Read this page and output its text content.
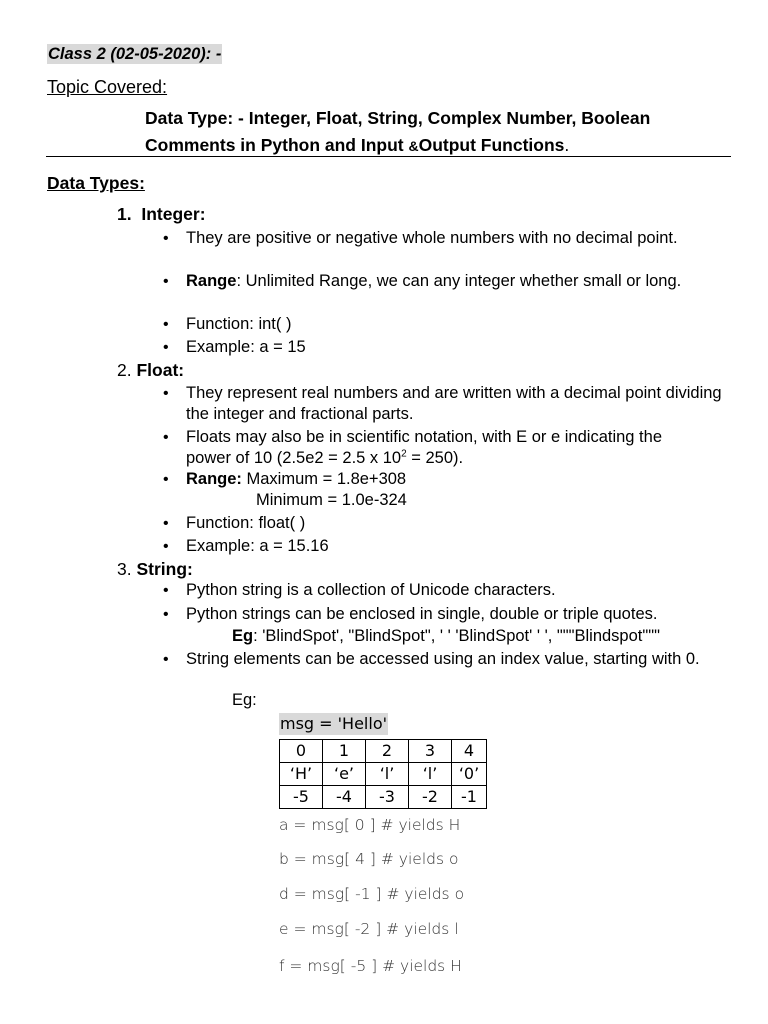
Class 2 (02-05-2020): -
Topic Covered:
Data Type: - Integer, Float, String, Complex Number, Boolean
Comments in Python and Input &Output Functions.
Data Types:
1. Integer:
• They are positive or negative whole numbers with no decimal point.
• Range: Unlimited Range, we can any integer whether small or long.
• Function: int( )
• Example: a = 15
2. Float:
• They represent real numbers and are written with a decimal point dividing the integer and fractional parts.
• Floats may also be in scientific notation, with E or e indicating the
power of 10 (2.5e2 = 2.5 x $10^2 = 250$).
• Range: Maximum = 1.8e+308
Minimum = 1.0e-324
• Function: float( )
• Example: a = 15.16
3. String:
• Python string is a collection of Unicode characters.
• Python strings can be enclosed in single, double or triple quotes.
Eg: 'BlindSpot', "BlindSpot", ' ' 'BlindSpot' ' ', """Blindspot"""
• String elements can be accessed using an index value, starting with 0.
Eg:
msg = 'Hello'
0	1	2	3	4
‘H’	‘e’	‘l’	‘l’	‘0’
-5	-4	-3	-2	-1
a = msg[ 0 ] # yields H
b = msg[ 4 ] # yields o
d = msg[ -1 ] # yields o
e = msg[ -2 ] # yields l
f = msg[ -5 ] # yields H
